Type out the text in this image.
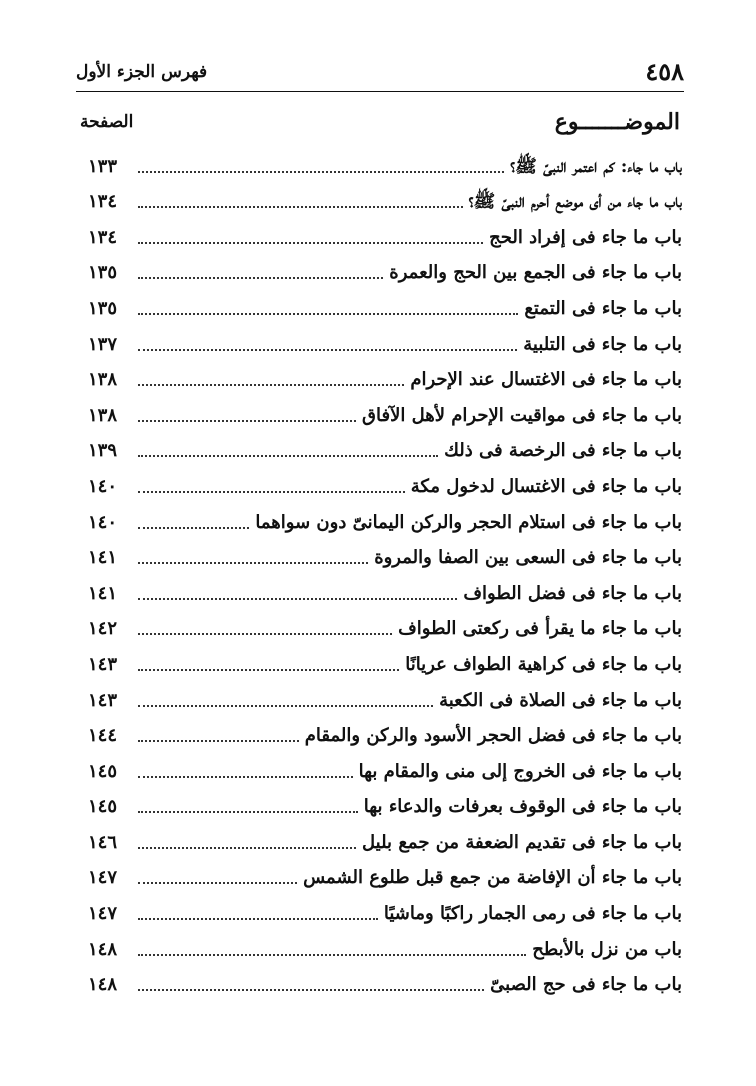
٤٥٨
فهرس الجزء الأول
الموضـــــــوع
الصفحة
باب ما جاء: كم اعتمر النبىّ ﷺ؟
١٣٣
باب ما جاء من أى موضع أحرم النبىّ ﷺ؟
١٣٤
باب ما جاء فى إفراد الحج
١٣٤
باب ما جاء فى الجمع بين الحج والعمرة
١٣٥
باب ما جاء فى التمتع
١٣٥
باب ما جاء فى التلبية
١٣٧
باب ما جاء فى الاغتسال عند الإحرام
١٣٨
باب ما جاء فى مواقيت الإحرام لأهل الآفاق
١٣٨
باب ما جاء فى الرخصة فى ذلك
١٣٩
باب ما جاء فى الاغتسال لدخول مكة
١٤٠
باب ما جاء فى استلام الحجر والركن اليمانىّ دون سواهما
١٤٠
باب ما جاء فى السعى بين الصفا والمروة
١٤١
باب ما جاء فى فضل الطواف
١٤١
باب ما جاء ما يقرأ فى ركعتى الطواف
١٤٢
باب ما جاء فى كراهية الطواف عريانًا
١٤٣
باب ما جاء فى الصلاة فى الكعبة
١٤٣
باب ما جاء فى فضل الحجر الأسود والركن والمقام
١٤٤
باب ما جاء فى الخروج إلى منى والمقام بها
١٤٥
باب ما جاء فى الوقوف بعرفات والدعاء بها
١٤٥
باب ما جاء فى تقديم الضعفة من جمع بليل
١٤٦
باب ما جاء أن الإفاضة من جمع قبل طلوع الشمس
١٤٧
باب ما جاء فى رمى الجمار راكبًا وماشيًا
١٤٧
باب من نزل بالأبطح
١٤٨
باب ما جاء فى حج الصبىّ
١٤٨
